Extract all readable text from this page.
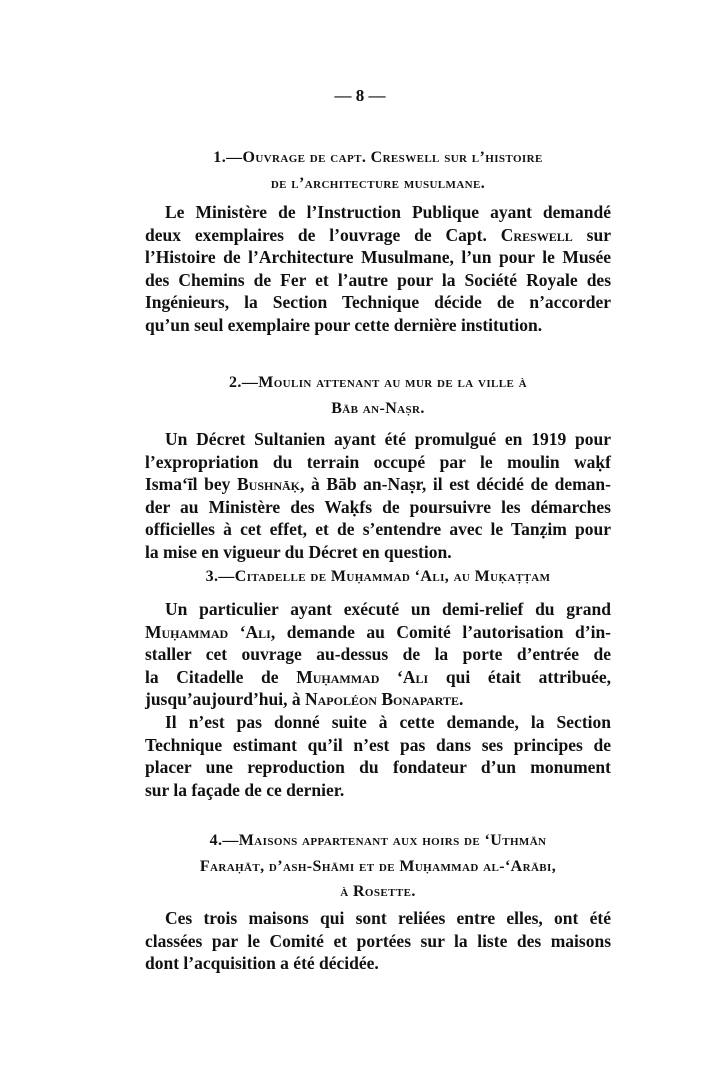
— 8 —
1.—Ouvrage de capt. Creswell sur l’histoire
de l’architecture musulmane.
Le Ministère de l’Instruction Publique ayant demandé
deux exemplaires de l’ouvrage de Capt. Creswell sur
l’Histoire de l’Architecture Musulmane, l’un pour le Musée
des Chemins de Fer et l’autre pour la Société Royale des
Ingénieurs, la Section Technique décide de n’accorder
qu’un seul exemplaire pour cette dernière institution.
2.—Moulin attenant au mur de la ville à
Bāb an-Naṣr.
Un Décret Sultanien ayant été promulgué en 1919 pour
l’expropriation du terrain occupé par le moulin waḳf
Isma‘īl bey Bushnāḳ, à Bāb an-Naṣr, il est décidé de deman-
der au Ministère des Waḳfs de poursuivre les démarches
officielles à cet effet, et de s’entendre avec le Tanẓim pour
la mise en vigueur du Décret en question.
3.—Citadelle de Muḥammad ‘Ali, au Muḳaṭṭam
Un particulier ayant exécuté un demi-relief du grand
Muḥammad ‘Ali, demande au Comité l’autorisation d’in-
staller cet ouvrage au-dessus de la porte d’entrée de
la Citadelle de Muḥammad ‘Ali qui était attribuée,
jusqu’aujourd’hui, à Napoléon Bonaparte.
Il n’est pas donné suite à cette demande, la Section
Technique estimant qu’il n’est pas dans ses principes de
placer une reproduction du fondateur d’un monument
sur la façade de ce dernier.
4.—Maisons appartenant aux hoirs de ‘Uthmān
Faraḥāt, d’ash-Shāmi et de Muḥammad al-‘Arābi,
à Rosette.
Ces trois maisons qui sont reliées entre elles, ont été
classées par le Comité et portées sur la liste des maisons
dont l’acquisition a été décidée.
